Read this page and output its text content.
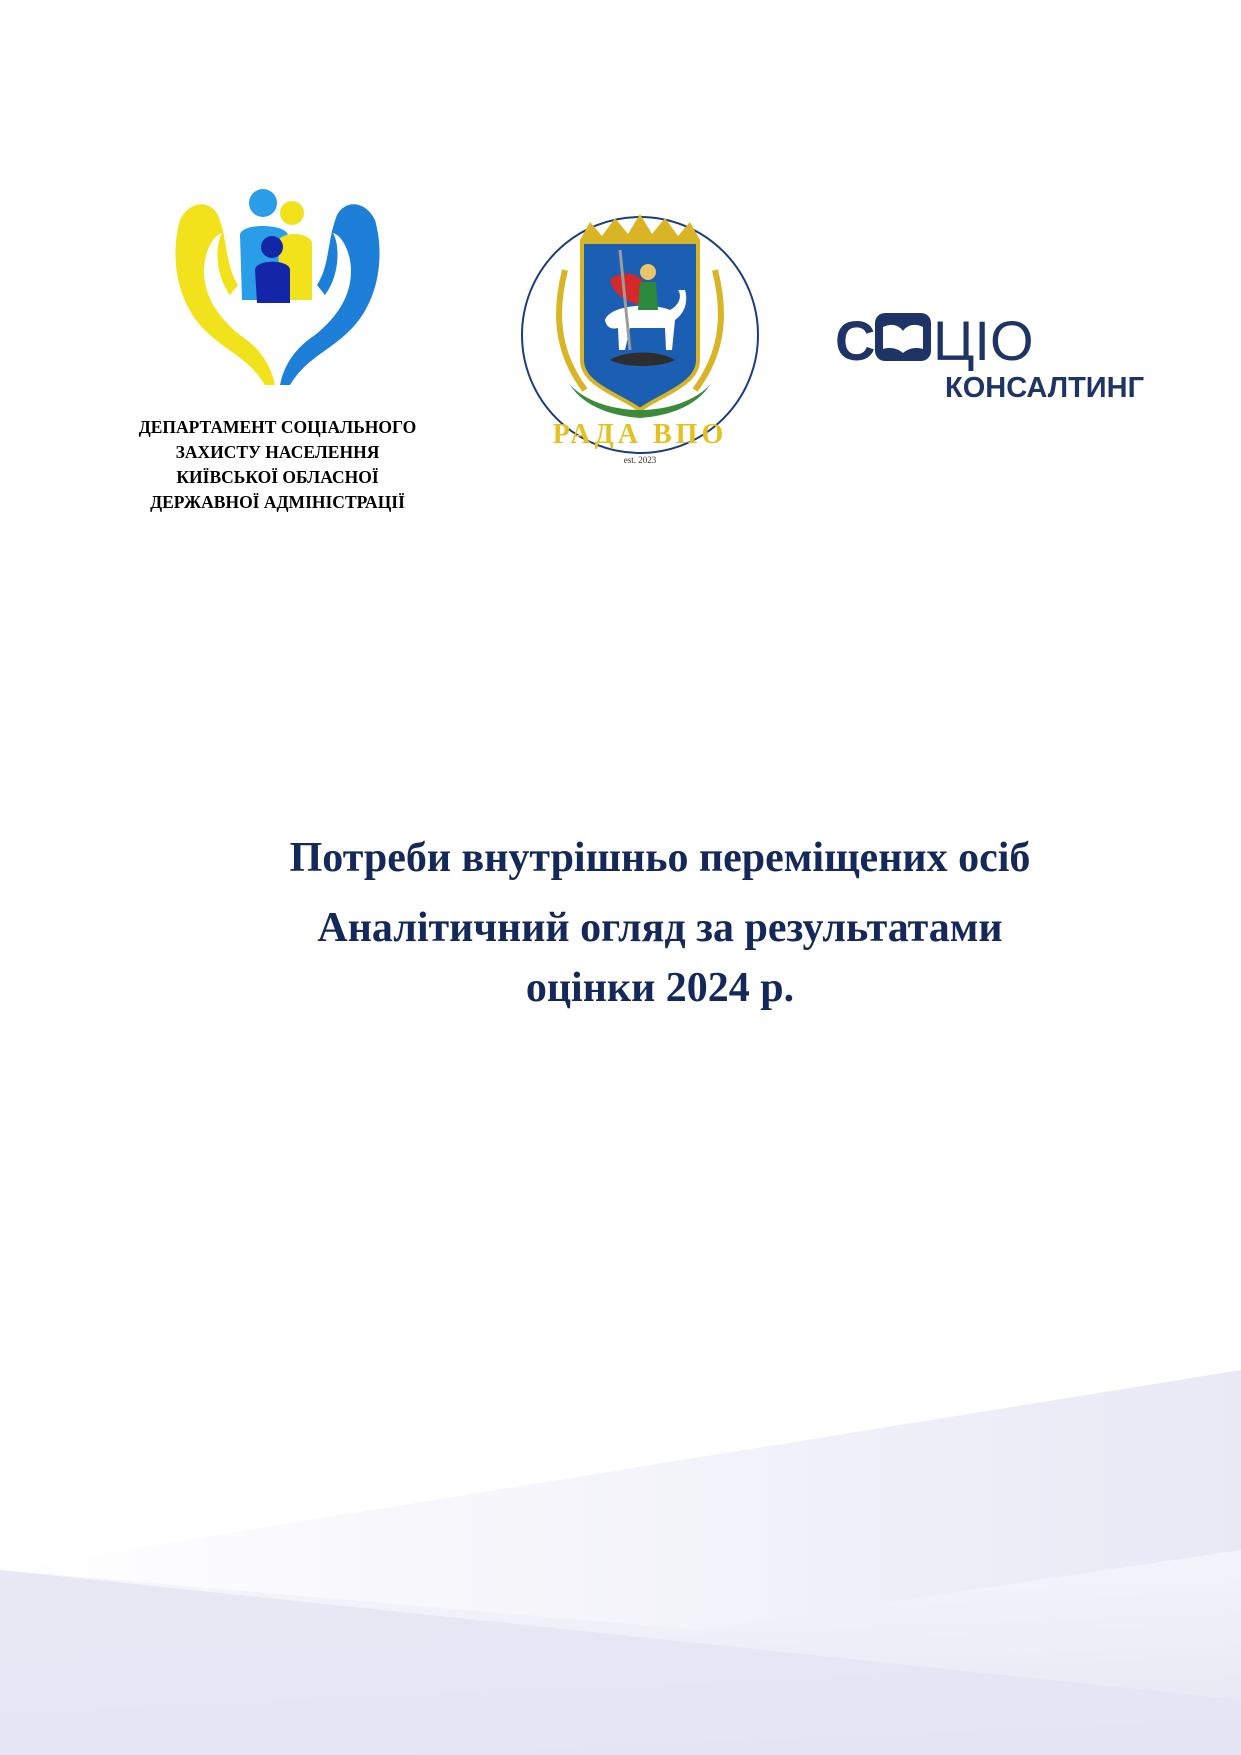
ДЕПАРТАМЕНТ СОЦІАЛЬНОГО
ЗАХИСТУ НАСЕЛЕННЯ
КИЇВСЬКОЇ ОБЛАСНОЇ
ДЕРЖАВНОЇ АДМІНІСТРАЦІЇ
РАДА ВПО
est. 2023
С ЦІО
КОНСАЛТИНГ

Потреби внутрішньо переміщених осіб

Аналітичний огляд за результатами
оцінки 2024 р.
